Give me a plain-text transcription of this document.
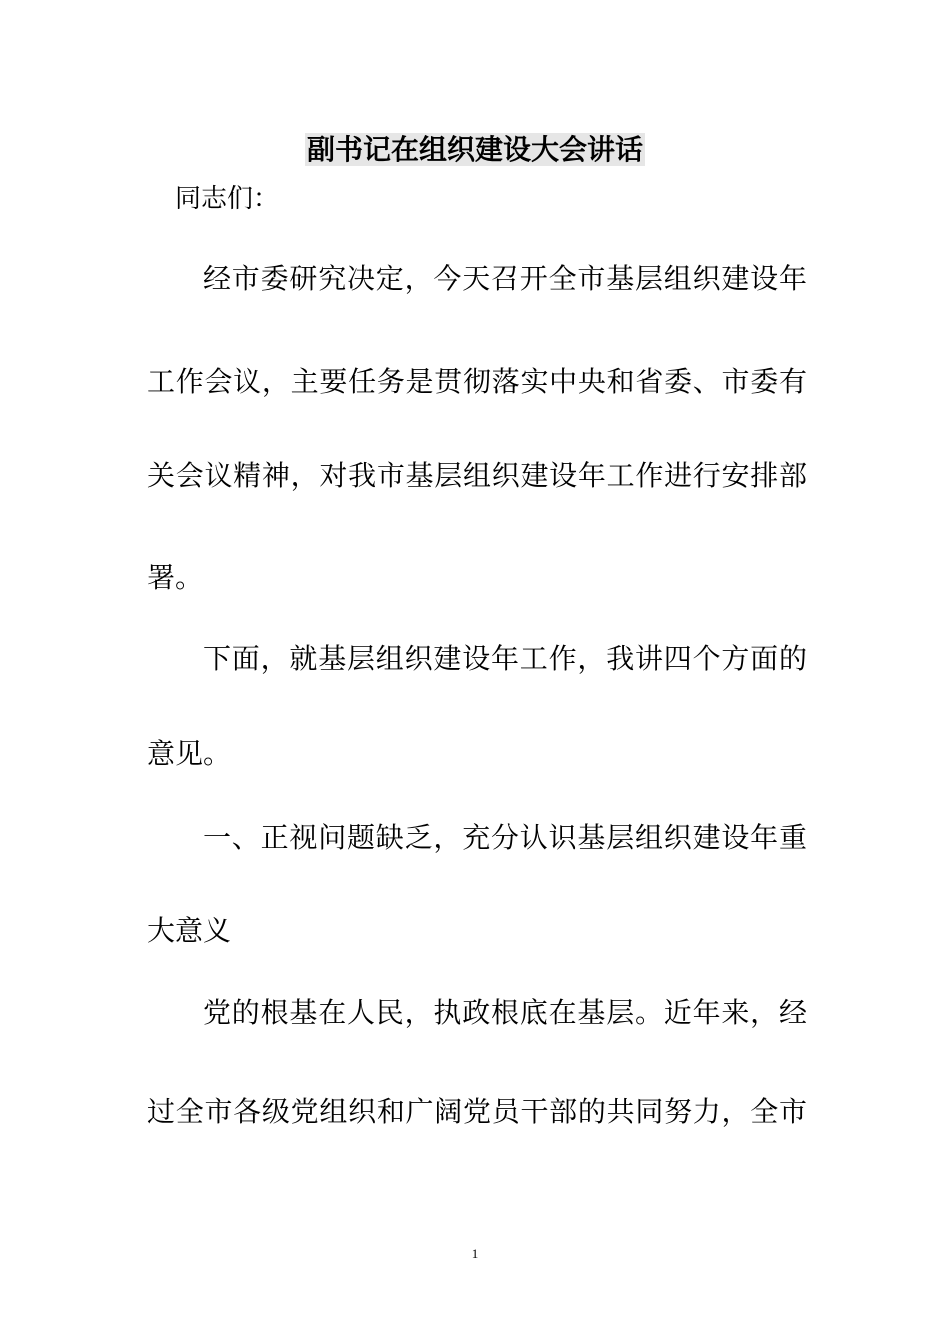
副书记在组织建设大会讲话
同志们：
经市委研究决定，今天召开全市基层组织建设年
工作会议，主要任务是贯彻落实中央和省委、市委有
关会议精神，对我市基层组织建设年工作进行安排部
署。
下面，就基层组织建设年工作，我讲四个方面的
意见。
一、正视问题缺乏，充分认识基层组织建设年重
大意义
党的根基在人民，执政根底在基层。近年来，经
过全市各级党组织和广阔党员干部的共同努力，全市
1
